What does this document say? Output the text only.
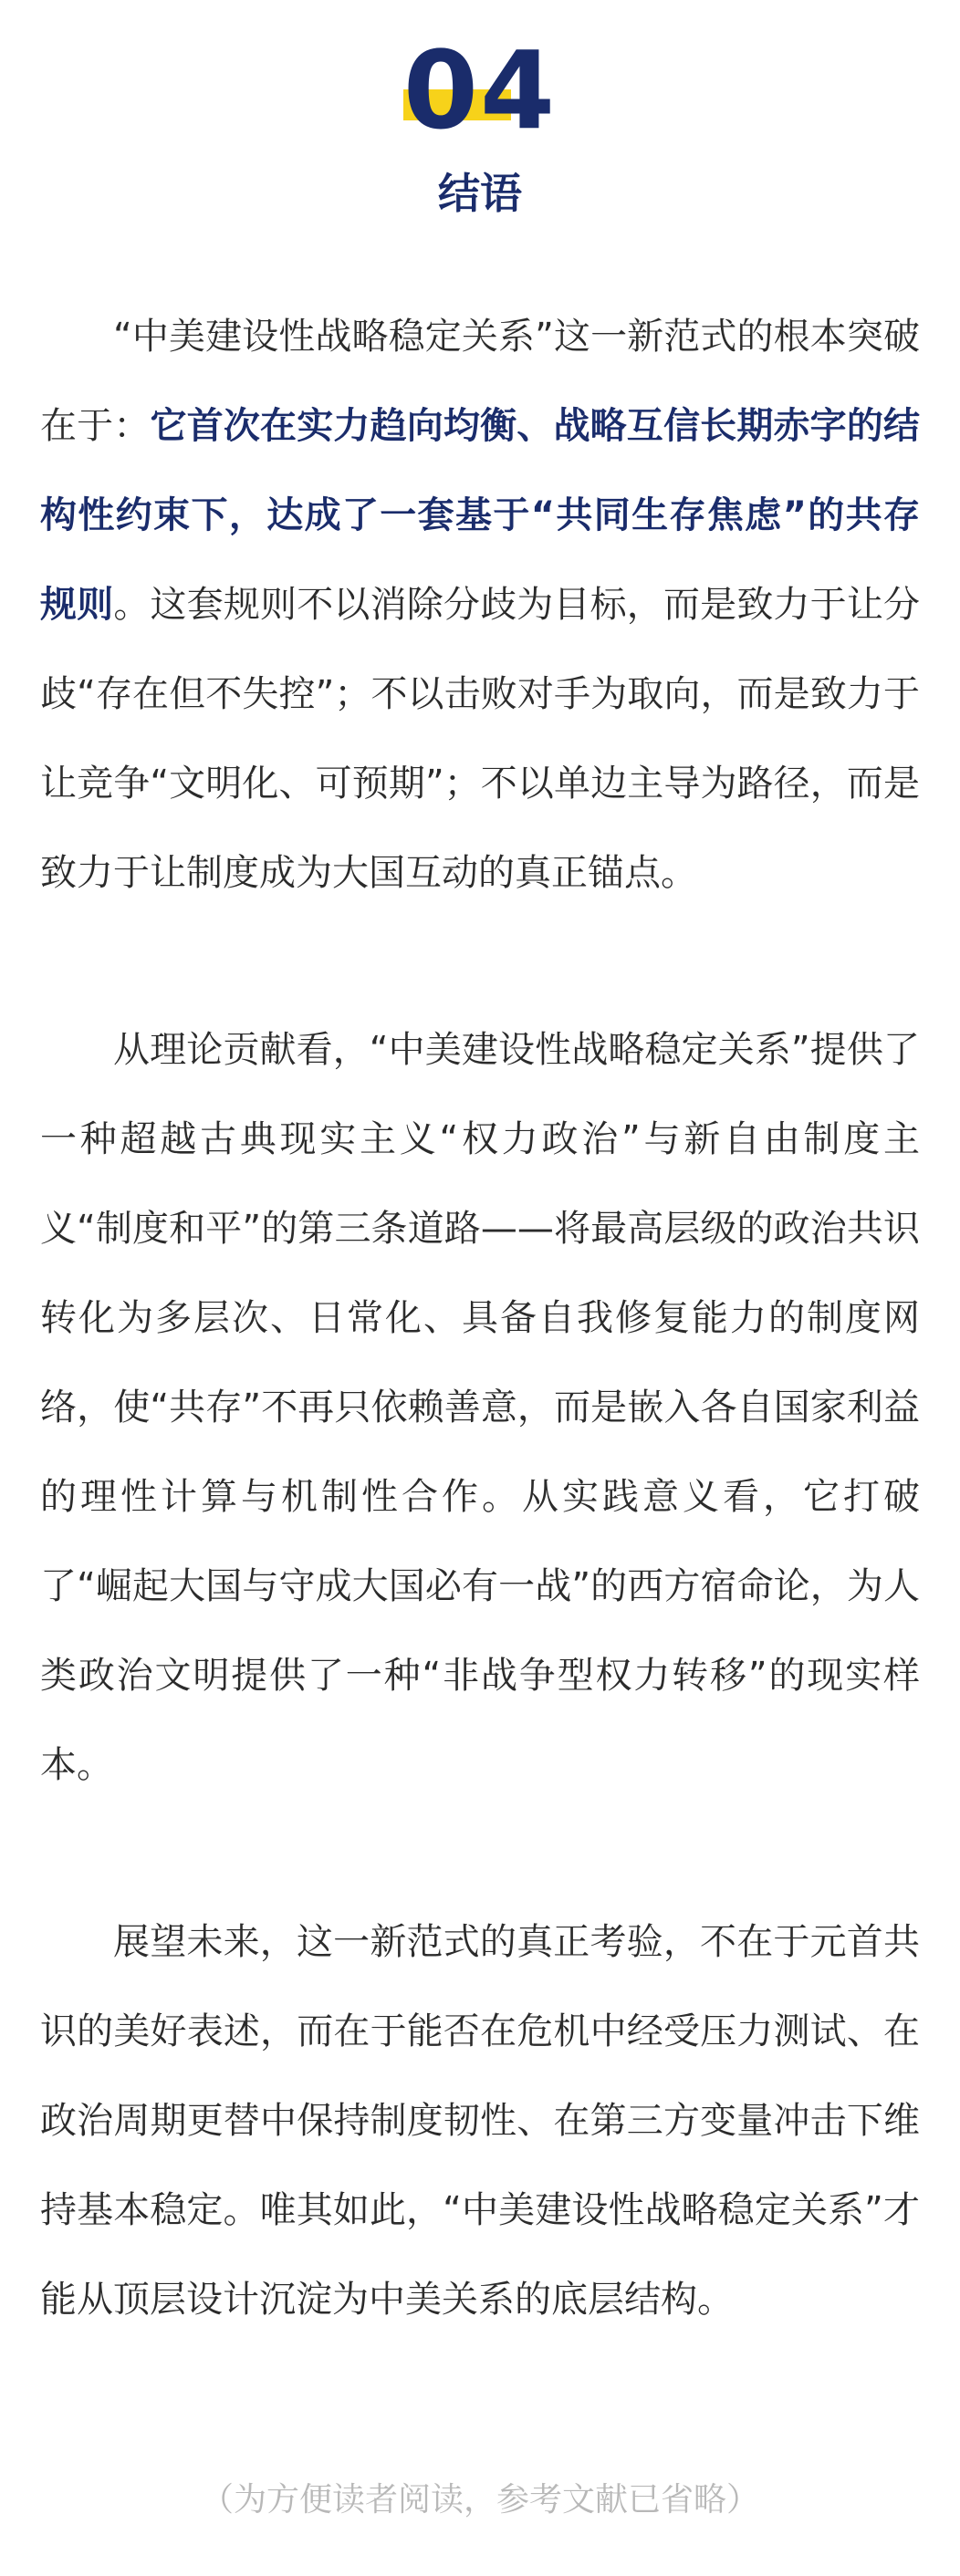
04
结语

“中美建设性战略稳定关系”这一新范式的根本突破在于：它首次在实力趋向均衡、战略互信长期赤字的结构性约束下，达成了一套基于“共同生存焦虑”的共存规则。这套规则不以消除分歧为目标，而是致力于让分歧“存在但不失控”；不以击败对手为取向，而是致力于让竞争“文明化、可预期”；不以单边主导为路径，而是致力于让制度成为大国互动的真正锚点。

从理论贡献看，“中美建设性战略稳定关系”提供了一种超越古典现实主义“权力政治”与新自由制度主义“制度和平”的第三条道路——将最高层级的政治共识转化为多层次、日常化、具备自我修复能力的制度网络，使“共存”不再只依赖善意，而是嵌入各自国家利益的理性计算与机制性合作。从实践意义看，它打破了“崛起大国与守成大国必有一战”的西方宿命论，为人类政治文明提供了一种“非战争型权力转移”的现实样本。

展望未来，这一新范式的真正考验，不在于元首共识的美好表述，而在于能否在危机中经受压力测试、在政治周期更替中保持制度韧性、在第三方变量冲击下维持基本稳定。唯其如此，“中美建设性战略稳定关系”才能从顶层设计沉淀为中美关系的底层结构。

（为方便读者阅读，参考文献已省略）
